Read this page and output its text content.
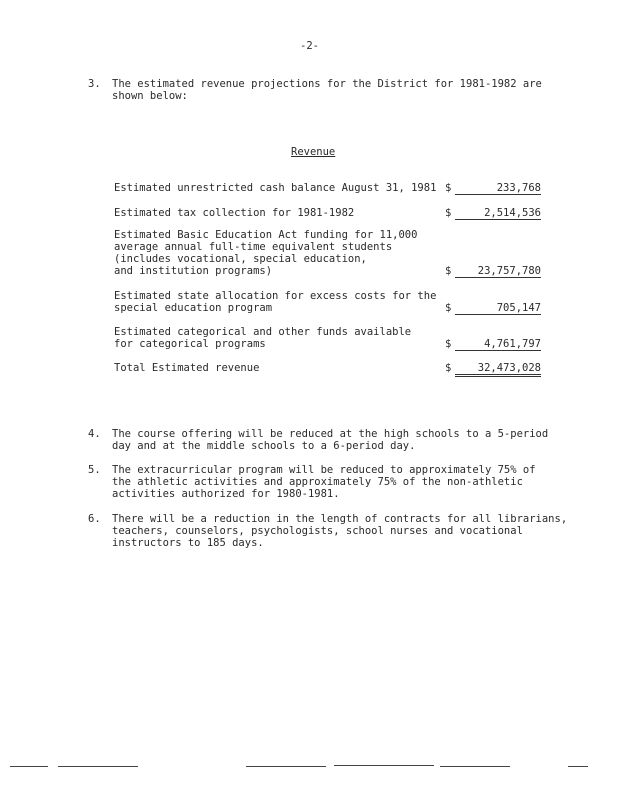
-2-
3. The estimated revenue projections for the District for 1981-1982 are
shown below:
Revenue
Estimated unrestricted cash balance August 31, 1981 $	233,768
Estimated tax collection for 1981-1982	$	2,514,536
Estimated Basic Education Act funding for 11,000
average annual full-time equivalent students
(includes vocational, special education,
and institution programs)	$	23,757,780
Estimated state allocation for excess costs for the
special education program	$	705,147
Estimated categorical and other funds available
for categorical programs	$	4,761,797
Total Estimated revenue	$	32,473,028
4. The course offering will be reduced at the high schools to a 5-period
day and at the middle schools to a 6-period day.
5. The extracurricular program will be reduced to approximately 75% of
the athletic activities and approximately 75% of the non-athletic
activities authorized for 1980-1981.
6. There will be a reduction in the length of contracts for all librarians,
teachers, counselors, psychologists, school nurses and vocational
instructors to 185 days.
